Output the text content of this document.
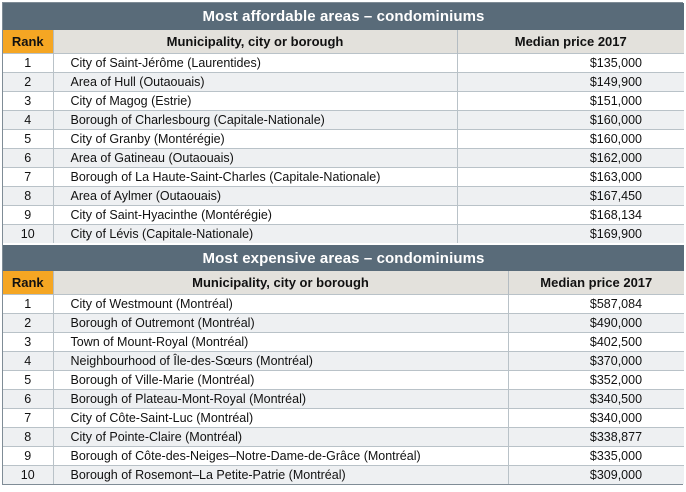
Most affordable areas – condominiums		
Rank	Municipality, city or borough	Median price 2017
1	City of Saint-Jérôme (Laurentides)	$135,000
2	Area of Hull (Outaouais)	$149,900
3	City of Magog (Estrie)	$151,000
4	Borough of Charlesbourg (Capitale-Nationale)	$160,000
5	City of Granby (Montérégie)	$160,000
6	Area of Gatineau (Outaouais)	$162,000
7	Borough of La Haute-Saint-Charles (Capitale-Nationale)	$163,000
8	Area of Aylmer (Outaouais)	$167,450
9	City of Saint-Hyacinthe (Montérégie)	$168,134
10	City of Lévis (Capitale-Nationale)	$169,900
Most expensive areas – condominiums		
Rank	Municipality, city or borough	Median price 2017
1	City of Westmount (Montréal)	$587,084
2	Borough of Outremont (Montréal)	$490,000
3	Town of Mount-Royal (Montréal)	$402,500
4	Neighbourhood of Île-des-Sœurs (Montréal)	$370,000
5	Borough of Ville-Marie (Montréal)	$352,000
6	Borough of Plateau-Mont-Royal (Montréal)	$340,500
7	City of Côte-Saint-Luc (Montréal)	$340,000
8	City of Pointe-Claire (Montréal)	$338,877
9	Borough of Côte-des-Neiges–Notre-Dame-de-Grâce (Montréal)	$335,000
10	Borough of Rosemont–La Petite-Patrie (Montréal)	$309,000
